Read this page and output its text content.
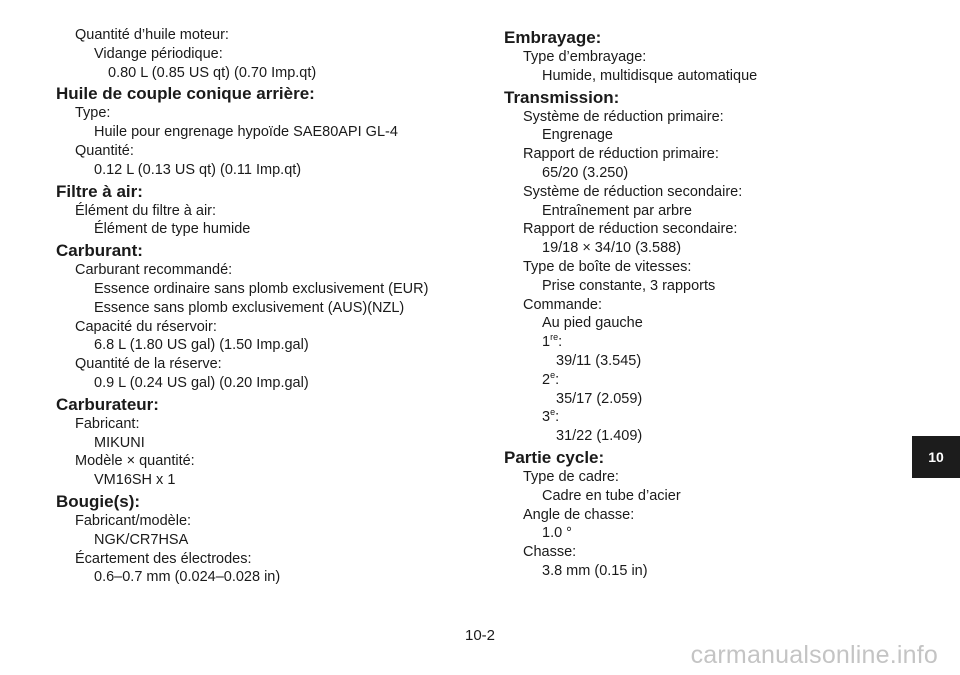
Quantité d’huile moteur:
Vidange périodique:
0.80 L (0.85 US qt) (0.70 Imp.qt)
Huile de couple conique arrière:
Type:
Huile pour engrenage hypoïde SAE80API GL-4
Quantité:
0.12 L (0.13 US qt) (0.11 Imp.qt)
Filtre à air:
Élément du filtre à air:
Élément de type humide
Carburant:
Carburant recommandé:
Essence ordinaire sans plomb exclusivement (EUR)
Essence sans plomb exclusivement (AUS)(NZL)
Capacité du réservoir:
6.8 L (1.80 US gal) (1.50 Imp.gal)
Quantité de la réserve:
0.9 L (0.24 US gal) (0.20 Imp.gal)
Carburateur:
Fabricant:
MIKUNI
Modèle × quantité:
VM16SH x 1
Bougie(s):
Fabricant/modèle:
NGK/CR7HSA
Écartement des électrodes:
0.6–0.7 mm (0.024–0.028 in)
Embrayage:
Type d’embrayage:
Humide, multidisque automatique
Transmission:
Système de réduction primaire:
Engrenage
Rapport de réduction primaire:
65/20 (3.250)
Système de réduction secondaire:
Entraînement par arbre
Rapport de réduction secondaire:
19/18 × 34/10 (3.588)
Type de boîte de vitesses:
Prise constante, 3 rapports
Commande:
Au pied gauche
1re:
39/11 (3.545)
2e:
35/17 (2.059)
3e:
31/22 (1.409)
Partie cycle:
Type de cadre:
Cadre en tube d’acier
Angle de chasse:
1.0 °
Chasse:
3.8 mm (0.15 in)
10-2
10
carmanualsonline.info
